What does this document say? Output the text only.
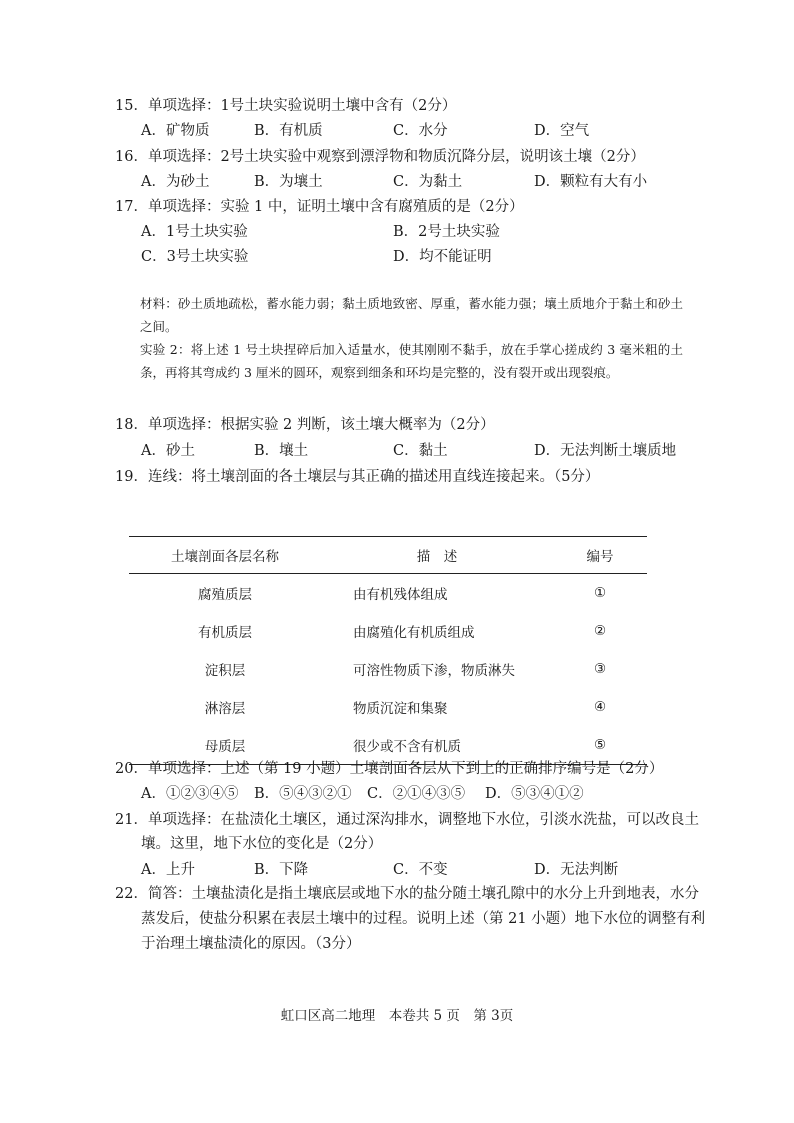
15．单项选择：1号土块实验说明土壤中含有（2分）
A．矿物质	B．有机质	C．水分	D．空气
16．单项选择：2号土块实验中观察到漂浮物和物质沉降分层，说明该土壤（2分）
A．为砂土	B．为壤土	C．为黏土	D．颗粒有大有小
17．单项选择：实验 1 中，证明土壤中含有腐殖质的是（2分）
A．1号土块实验	B．2号土块实验
C．3号土块实验	D．均不能证明
材料：砂土质地疏松，蓄水能力弱；黏土质地致密、厚重，蓄水能力强；壤土质地介于黏土和砂土之间。
实验 2：将上述 1 号土块捏碎后加入适量水，使其刚刚不黏手，放在手掌心搓成约 3 毫米粗的土条，再将其弯成约 3 厘米的圆环，观察到细条和环均是完整的，没有裂开或出现裂痕。
18．单项选择：根据实验 2 判断，该土壤大概率为（2分）
A．砂土	B．壤土	C．黏土	D．无法判断土壤质地
19．连线：将土壤剖面的各土壤层与其正确的描述用直线连接起来。（5分）
土壤剖面各层名称	描　述	编号
腐殖质层	由有机残体组成	①
有机质层	由腐殖化有机质组成	②
淀积层	可溶性物质下渗，物质淋失	③
淋溶层	物质沉淀和集聚	④
母质层	很少或不含有机质	⑤
20．单项选择：上述（第 19 小题）土壤剖面各层从下到上的正确排序编号是（2分）
A．①②③④⑤ B．⑤④③②① C．②①④③⑤ D．⑤③④①②
21．单项选择：在盐渍化土壤区，通过深沟排水，调整地下水位，引淡水洗盐，可以改良土
壤。这里，地下水位的变化是（2分）
A．上升	B．下降	C．不变	D．无法判断
22．简答：土壤盐渍化是指土壤底层或地下水的盐分随土壤孔隙中的水分上升到地表，水分
蒸发后，使盐分积累在表层土壤中的过程。说明上述（第 21 小题）地下水位的调整有利
于治理土壤盐渍化的原因。（3分）
虹口区高二地理　本卷共 5 页　第 3页
